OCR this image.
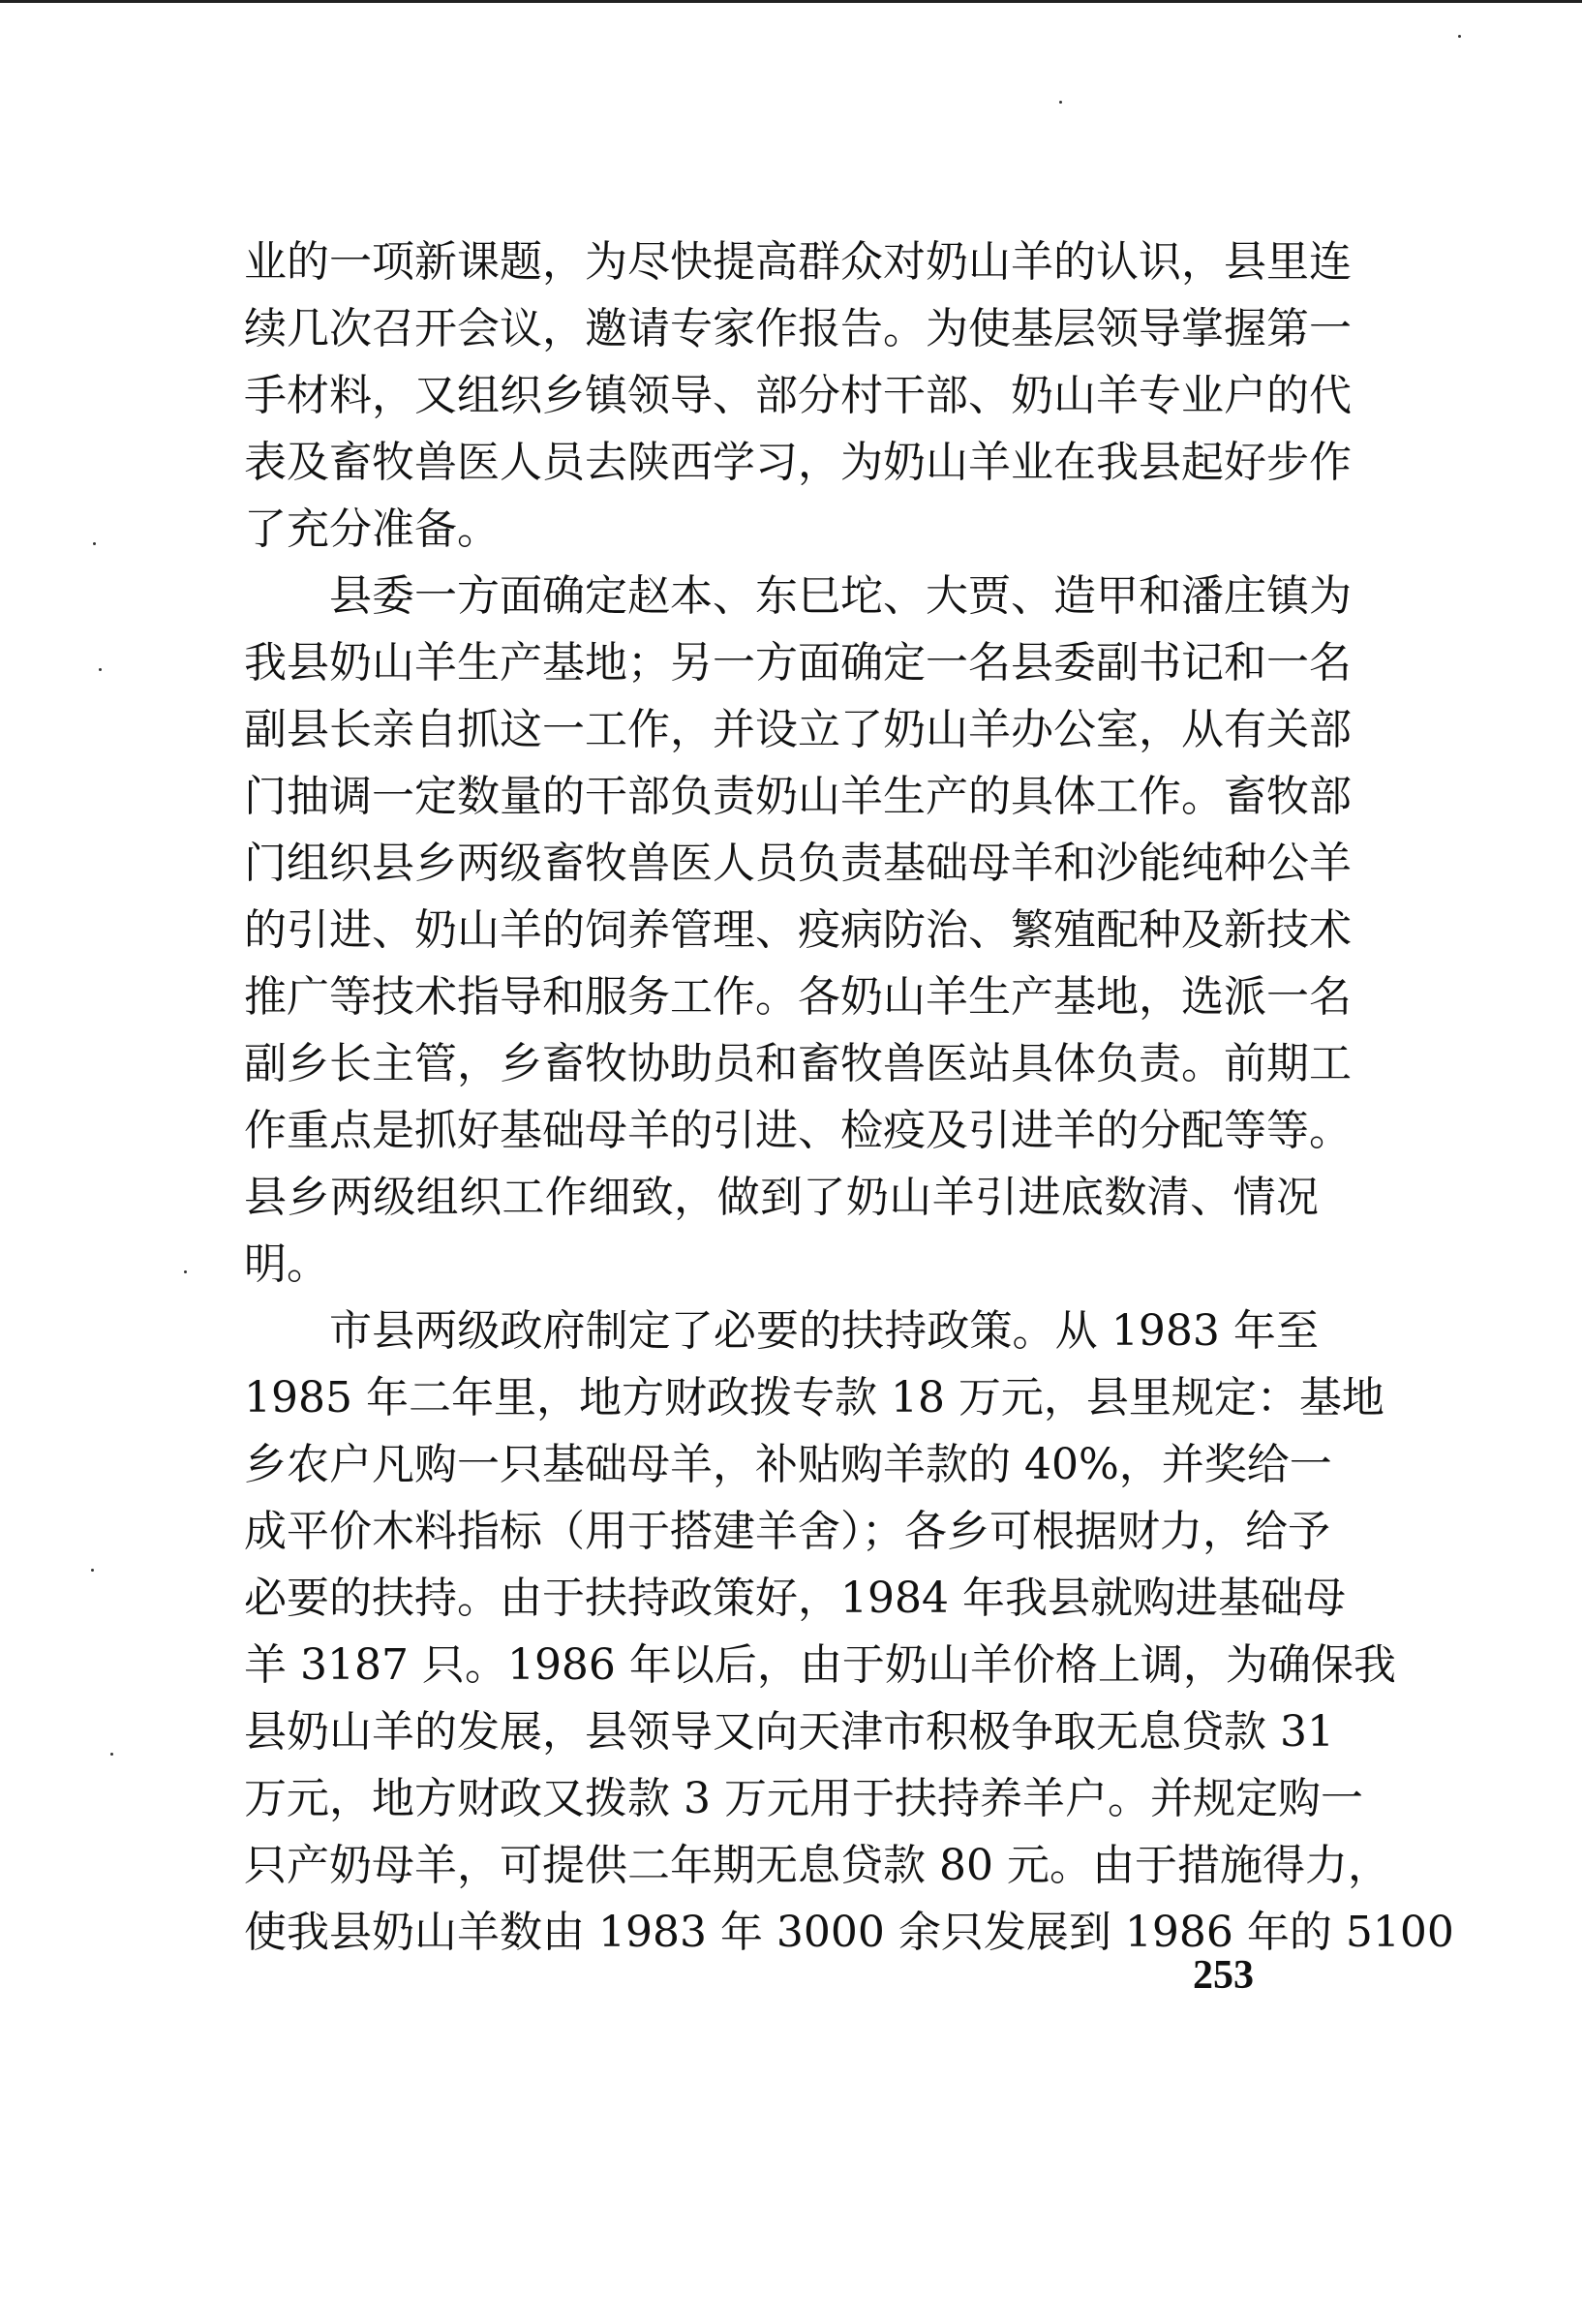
业的一项新课题，为尽快提高群众对奶山羊的认识，县里连
续几次召开会议，邀请专家作报告。为使基层领导掌握第一
手材料，又组织乡镇领导、部分村干部、奶山羊专业户的代
表及畜牧兽医人员去陕西学习，为奶山羊业在我县起好步作
了充分准备。
县委一方面确定赵本、东巳坨、大贾、造甲和潘庄镇为
我县奶山羊生产基地；另一方面确定一名县委副书记和一名
副县长亲自抓这一工作，并设立了奶山羊办公室，从有关部
门抽调一定数量的干部负责奶山羊生产的具体工作。畜牧部
门组织县乡两级畜牧兽医人员负责基础母羊和沙能纯种公羊
的引进、奶山羊的饲养管理、疫病防治、繁殖配种及新技术
推广等技术指导和服务工作。各奶山羊生产基地，选派一名
副乡长主管，乡畜牧协助员和畜牧兽医站具体负责。前期工
作重点是抓好基础母羊的引进、检疫及引进羊的分配等等。
县乡两级组织工作细致，做到了奶山羊引进底数清、情况
明。
市县两级政府制定了必要的扶持政策。从 1983 年至
1985 年二年里，地方财政拨专款 18 万元，县里规定：基地
乡农户凡购一只基础母羊，补贴购羊款的 40%，并奖给一
成平价木料指标（用于搭建羊舍）；各乡可根据财力，给予
必要的扶持。由于扶持政策好，1984 年我县就购进基础母
羊 3187 只。1986 年以后，由于奶山羊价格上调，为确保我
县奶山羊的发展，县领导又向天津市积极争取无息贷款 31
万元，地方财政又拨款 3 万元用于扶持养羊户。并规定购一
只产奶母羊，可提供二年期无息贷款 80 元。由于措施得力，
使我县奶山羊数由 1983 年 3000 余只发展到 1986 年的 5100
253
